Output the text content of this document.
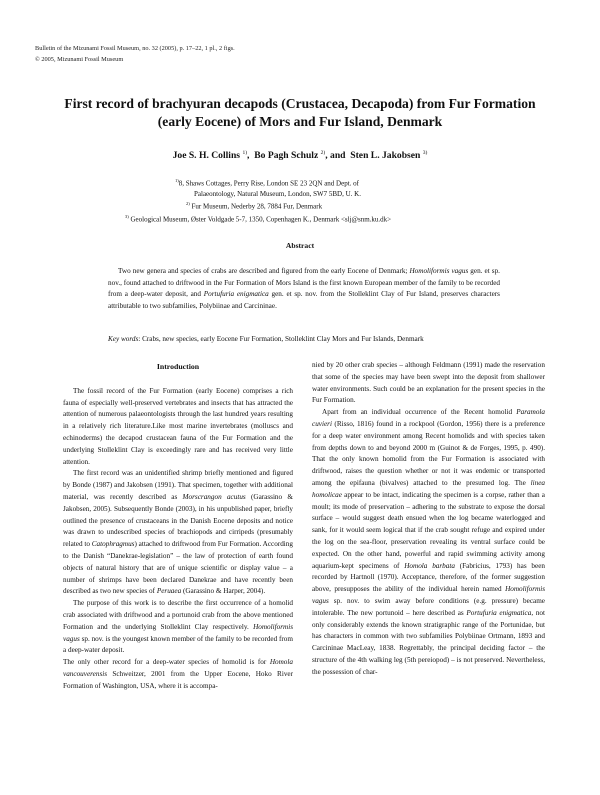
Bulletin of the Mizunami Fossil Museum, no. 32 (2005), p. 17–22, 1 pl., 2 figs.
© 2005, Mizunami Fossil Museum
First record of brachyuran decapods (Crustacea, Decapoda) from Fur Formation
(early Eocene) of Mors and Fur Island, Denmark
Joe S. H. Collins $^{1)}$, Bo Pagh Schulz $^{2)}$, and Sten L. Jakobsen $^{3)}$
$^{1)}$8, Shaws Cottages, Perry Rise, London SE 23 2QN and Dept. of
Palaeontology, Natural Museum, London, SW7 5BD, U. K.
$^{2)}$ Fur Museum, Nederby 28, 7884 Fur, Denmark
$^{3)}$ Geological Museum, Øster Voldgade 5-7, 1350, Copenhagen K., Denmark <slj@snm.ku.dk>
Abstract

Two new genera and species of crabs are described and figured from the early Eocene of Denmark; Homoliformis vagus gen. et sp. nov., found attached to driftwood in the Fur Formation of Mors Island is the first known European member of the family to be recorded from a deep-water deposit, and Portufuria enigmatica gen. et sp. nov. from the Stolleklint Clay of Fur Island, preserves characters attributable to two subfamilies, Polybiinae and Carcininae.

Key words: Crabs, new species, early Eocene Fur Formation, Stolleklint Clay Mors and Fur Islands, Denmark
Introduction

The fossil record of the Fur Formation (early Eocene) comprises a rich fauna of especially well-preserved vertebrates and insects that has attracted the attention of numerous palaeontologists through the last hundred years resulting in a relatively rich literature.Like most marine invertebrates (molluscs and echinoderms) the decapod crustacean fauna of the Fur Formation and the underlying Stolleklint Clay is exceedingly rare and has received very little attention.

The first record was an unidentified shrimp briefly mentioned and figured by Bonde (1987) and Jakobsen (1991). That specimen, together with additional material, was recently described as Morscrangon acutus (Garassino & Jakobsen, 2005). Subsequently Bonde (2003), in his unpublished paper, briefly outlined the presence of crustaceans in the Danish Eocene deposits and notice was drawn to undescribed species of brachiopods and cirripeds (presumably related to Catophragmus) attached to driftwood from Fur Formation. According to the Danish “Danekrae-legislation” – the law of protection of earth found objects of natural history that are of unique scientific or display value – a number of shrimps have been declared Danekrae and have recently been described as two new species of Peruaea (Garassino & Harper, 2004).

The purpose of this work is to describe the first occurrence of a homolid crab associated with driftwood and a portunoid crab from the above mentioned Formation and the underlying Stolleklint Clay respectively. Homoliformis vagus sp. nov. is the youngest known member of the family to be recorded from a deep-water deposit.

The only other record for a deep-water species of homolid is for Homola vancouverensis Schweitzer, 2001 from the Upper Eocene, Hoko River Formation of Washington, USA, where it is accompa-

nied by 20 other crab species – although Feldmann (1991) made the reservation that some of the species may have been swept into the deposit from shallower water environments. Such could be an explanation for the present species in the Fur Formation.

Apart from an individual occurrence of the Recent homolid Paramola cuvieri (Risso, 1816) found in a rockpool (Gordon, 1956) there is a preference for a deep water environment among Recent homolids and with species taken from depths down to and beyond 2000 m (Guinot & de Forges, 1995, p. 490). That the only known homolid from the Fur Formation is associated with driftwood, raises the question whether or not it was endemic or transported among the epifauna (bivalves) attached to the presumed log. The linea homolicae appear to be intact, indicating the specimen is a corpse, rather than a moult; its mode of preservation – adhering to the substrate to expose the dorsal surface – would suggest death ensued when the log became waterlogged and sank, for it would seem logical that if the crab sought refuge and expired under the log on the sea-floor, preservation revealing its ventral surface could be expected. On the other hand, powerful and rapid swimming activity among aquarium-kept specimens of Homola barbata (Fabricius, 1793) has been recorded by Hartnoll (1970). Acceptance, therefore, of the former suggestion above, presupposes the ability of the individual herein named Homoliformis vagus sp. nov. to swim away before conditions (e.g. pressure) became intolerable. The new portunoid – here described as Portufuria enigmatica, not only considerably extends the known stratigraphic range of the Portunidae, but has characters in common with two subfamilies Polybiinae Ortmann, 1893 and Carcininae MacLeay, 1838. Regrettably, the principal deciding factor – the structure of the 4th walking leg (5th pereiopod) – is not preserved. Nevertheless, the possession of char-
